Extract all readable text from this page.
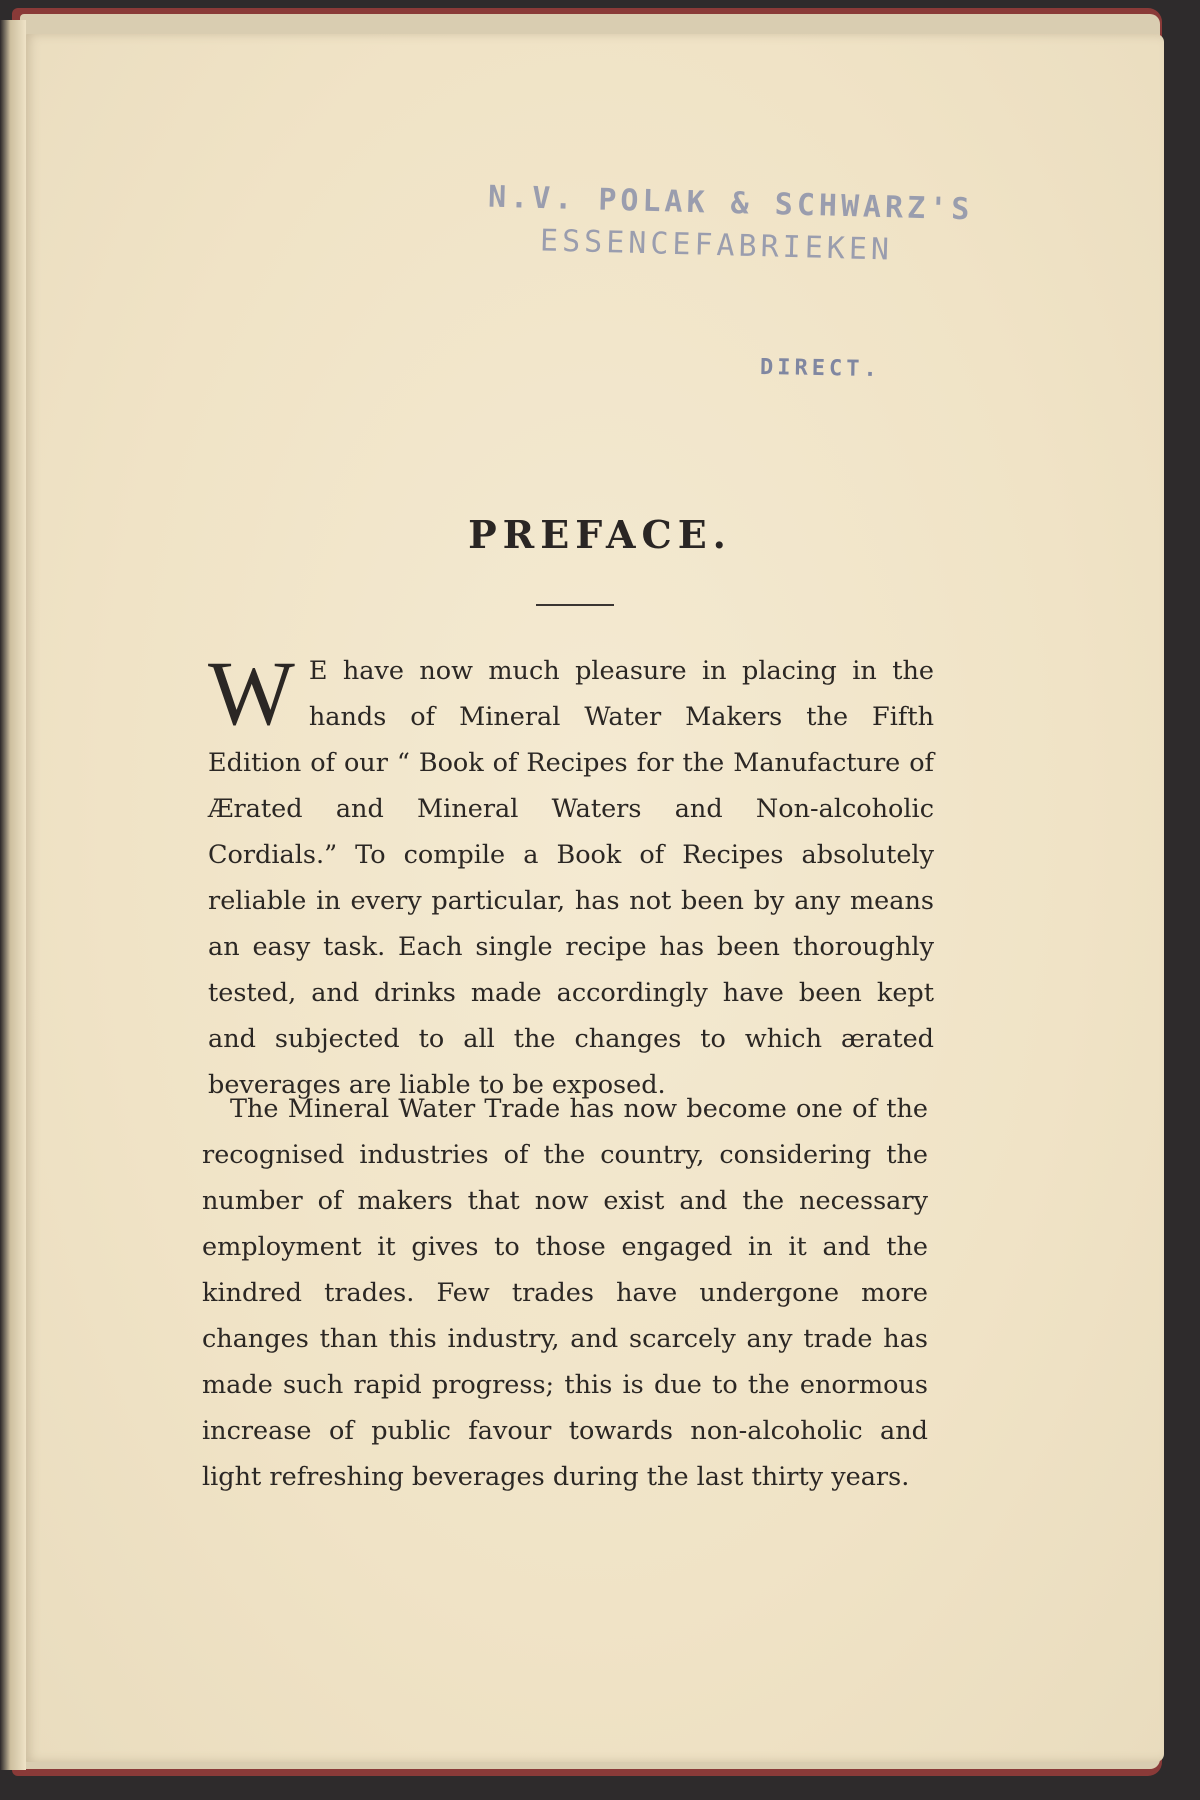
N.V. POLAK & SCHWARZ'S
ESSENCEFABRIEKEN
DIRECT.
PREFACE.
W E have now much pleasure in placing in the hands of Mineral Water Makers the Fifth Edition of our “ Book of Recipes for the Manufacture of Ærated and Mineral Waters and Non-alcoholic Cordials.” To compile a Book of Recipes absolutely reliable in every particular, has not been by any means an easy task. Each single recipe has been thoroughly tested, and drinks made accordingly have been kept and subjected to all the changes to which ærated beverages are liable to be exposed.
The Mineral Water Trade has now become one of the recognised industries of the country, considering the number of makers that now exist and the necessary employment it gives to those engaged in it and the kindred trades. Few trades have undergone more changes than this industry, and scarcely any trade has made such rapid progress; this is due to the enormous increase of public favour towards non-alcoholic and light refreshing beverages during the last thirty years.
